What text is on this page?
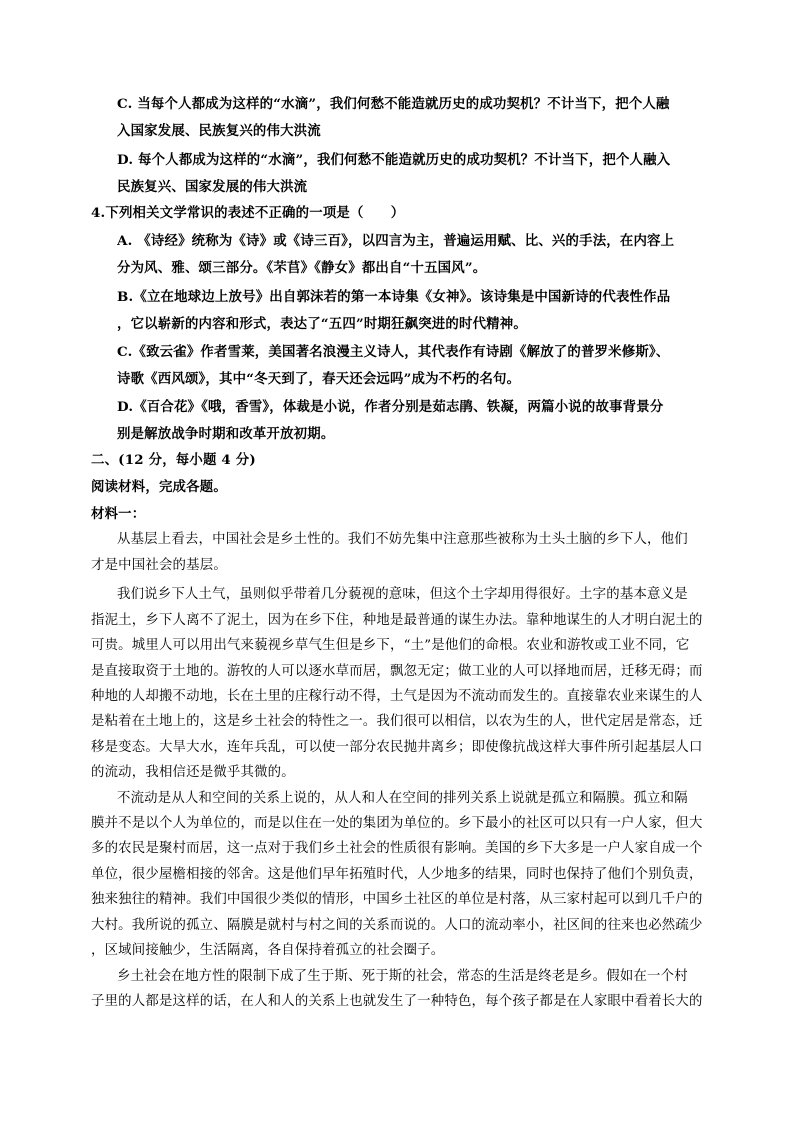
C. 当每个人都成为这样的“水滴”，我们何愁不能造就历史的成功契机？不计当下，把个人融
入国家发展、民族复兴的伟大洪流
D. 每个人都成为这样的“水滴”，我们何愁不能造就历史的成功契机？不计当下，把个人融入
民族复兴、国家发展的伟大洪流
4.下列相关文学常识的表述不正确的一项是（　　）
A. 《诗经》统称为《诗》或《诗三百》，以四言为主，普遍运用赋、比、兴的手法，在内容上
分为风、雅、颂三部分。《芣苢》《静女》都出自“十五国风”。
B.《立在地球边上放号》出自郭沫若的第一本诗集《女神》。该诗集是中国新诗的代表性作品
，它以崭新的内容和形式，表达了“五四”时期狂飙突进的时代精神。
C.《致云雀》作者雪莱，美国著名浪漫主义诗人，其代表作有诗剧《解放了的普罗米修斯》、
诗歌《西风颂》，其中“冬天到了，春天还会远吗”成为不朽的名句。
D.《百合花》《哦，香雪》，体裁是小说，作者分别是茹志鹃、铁凝，两篇小说的故事背景分
别是解放战争时期和改革开放初期。
二、(12 分，每小题 4 分)
阅读材料，完成各题。
材料一：
从基层上看去，中国社会是乡土性的。我们不妨先集中注意那些被称为土头土脑的乡下人，他们
才是中国社会的基层。
我们说乡下人土气，虽则似乎带着几分藐视的意味，但这个土字却用得很好。土字的基本意义是
指泥土，乡下人离不了泥土，因为在乡下住，种地是最普通的谋生办法。靠种地谋生的人才明白泥土的
可贵。城里人可以用出气来藐视乡草气生但是乡下，“土”是他们的命根。农业和游牧或工业不同，它
是直接取资于土地的。游牧的人可以逐水草而居，飘忽无定；做工业的人可以择地而居，迁移无碍；而
种地的人却搬不动地，长在土里的庄稼行动不得，土气是因为不流动而发生的。直接靠农业来谋生的人
是粘着在土地上的，这是乡土社会的特性之一。我们很可以相信，以农为生的人，世代定居是常态，迁
移是变态。大旱大水，连年兵乱，可以使一部分农民抛井离乡；即使像抗战这样大事件所引起基层人口
的流动，我相信还是微乎其微的。
不流动是从人和空间的关系上说的，从人和人在空间的排列关系上说就是孤立和隔膜。孤立和隔
膜并不是以个人为单位的，而是以住在一处的集团为单位的。乡下最小的社区可以只有一户人家，但大
多的农民是聚村而居，这一点对于我们乡土社会的性质很有影响。美国的乡下大多是一户人家自成一个
单位，很少屋檐相接的邻舍。这是他们早年拓殖时代，人少地多的结果，同时也保持了他们个别负责，
独来独往的精神。我们中国很少类似的情形，中国乡土社区的单位是村落，从三家村起可以到几千户的
大村。我所说的孤立、隔膜是就村与村之间的关系而说的。人口的流动率小，社区间的往来也必然疏少
，区域间接触少，生活隔离，各自保持着孤立的社会圈子。
乡土社会在地方性的限制下成了生于斯、死于斯的社会，常态的生活是终老是乡。假如在一个村
子里的人都是这样的话，在人和人的关系上也就发生了一种特色，每个孩子都是在人家眼中看着长大的
